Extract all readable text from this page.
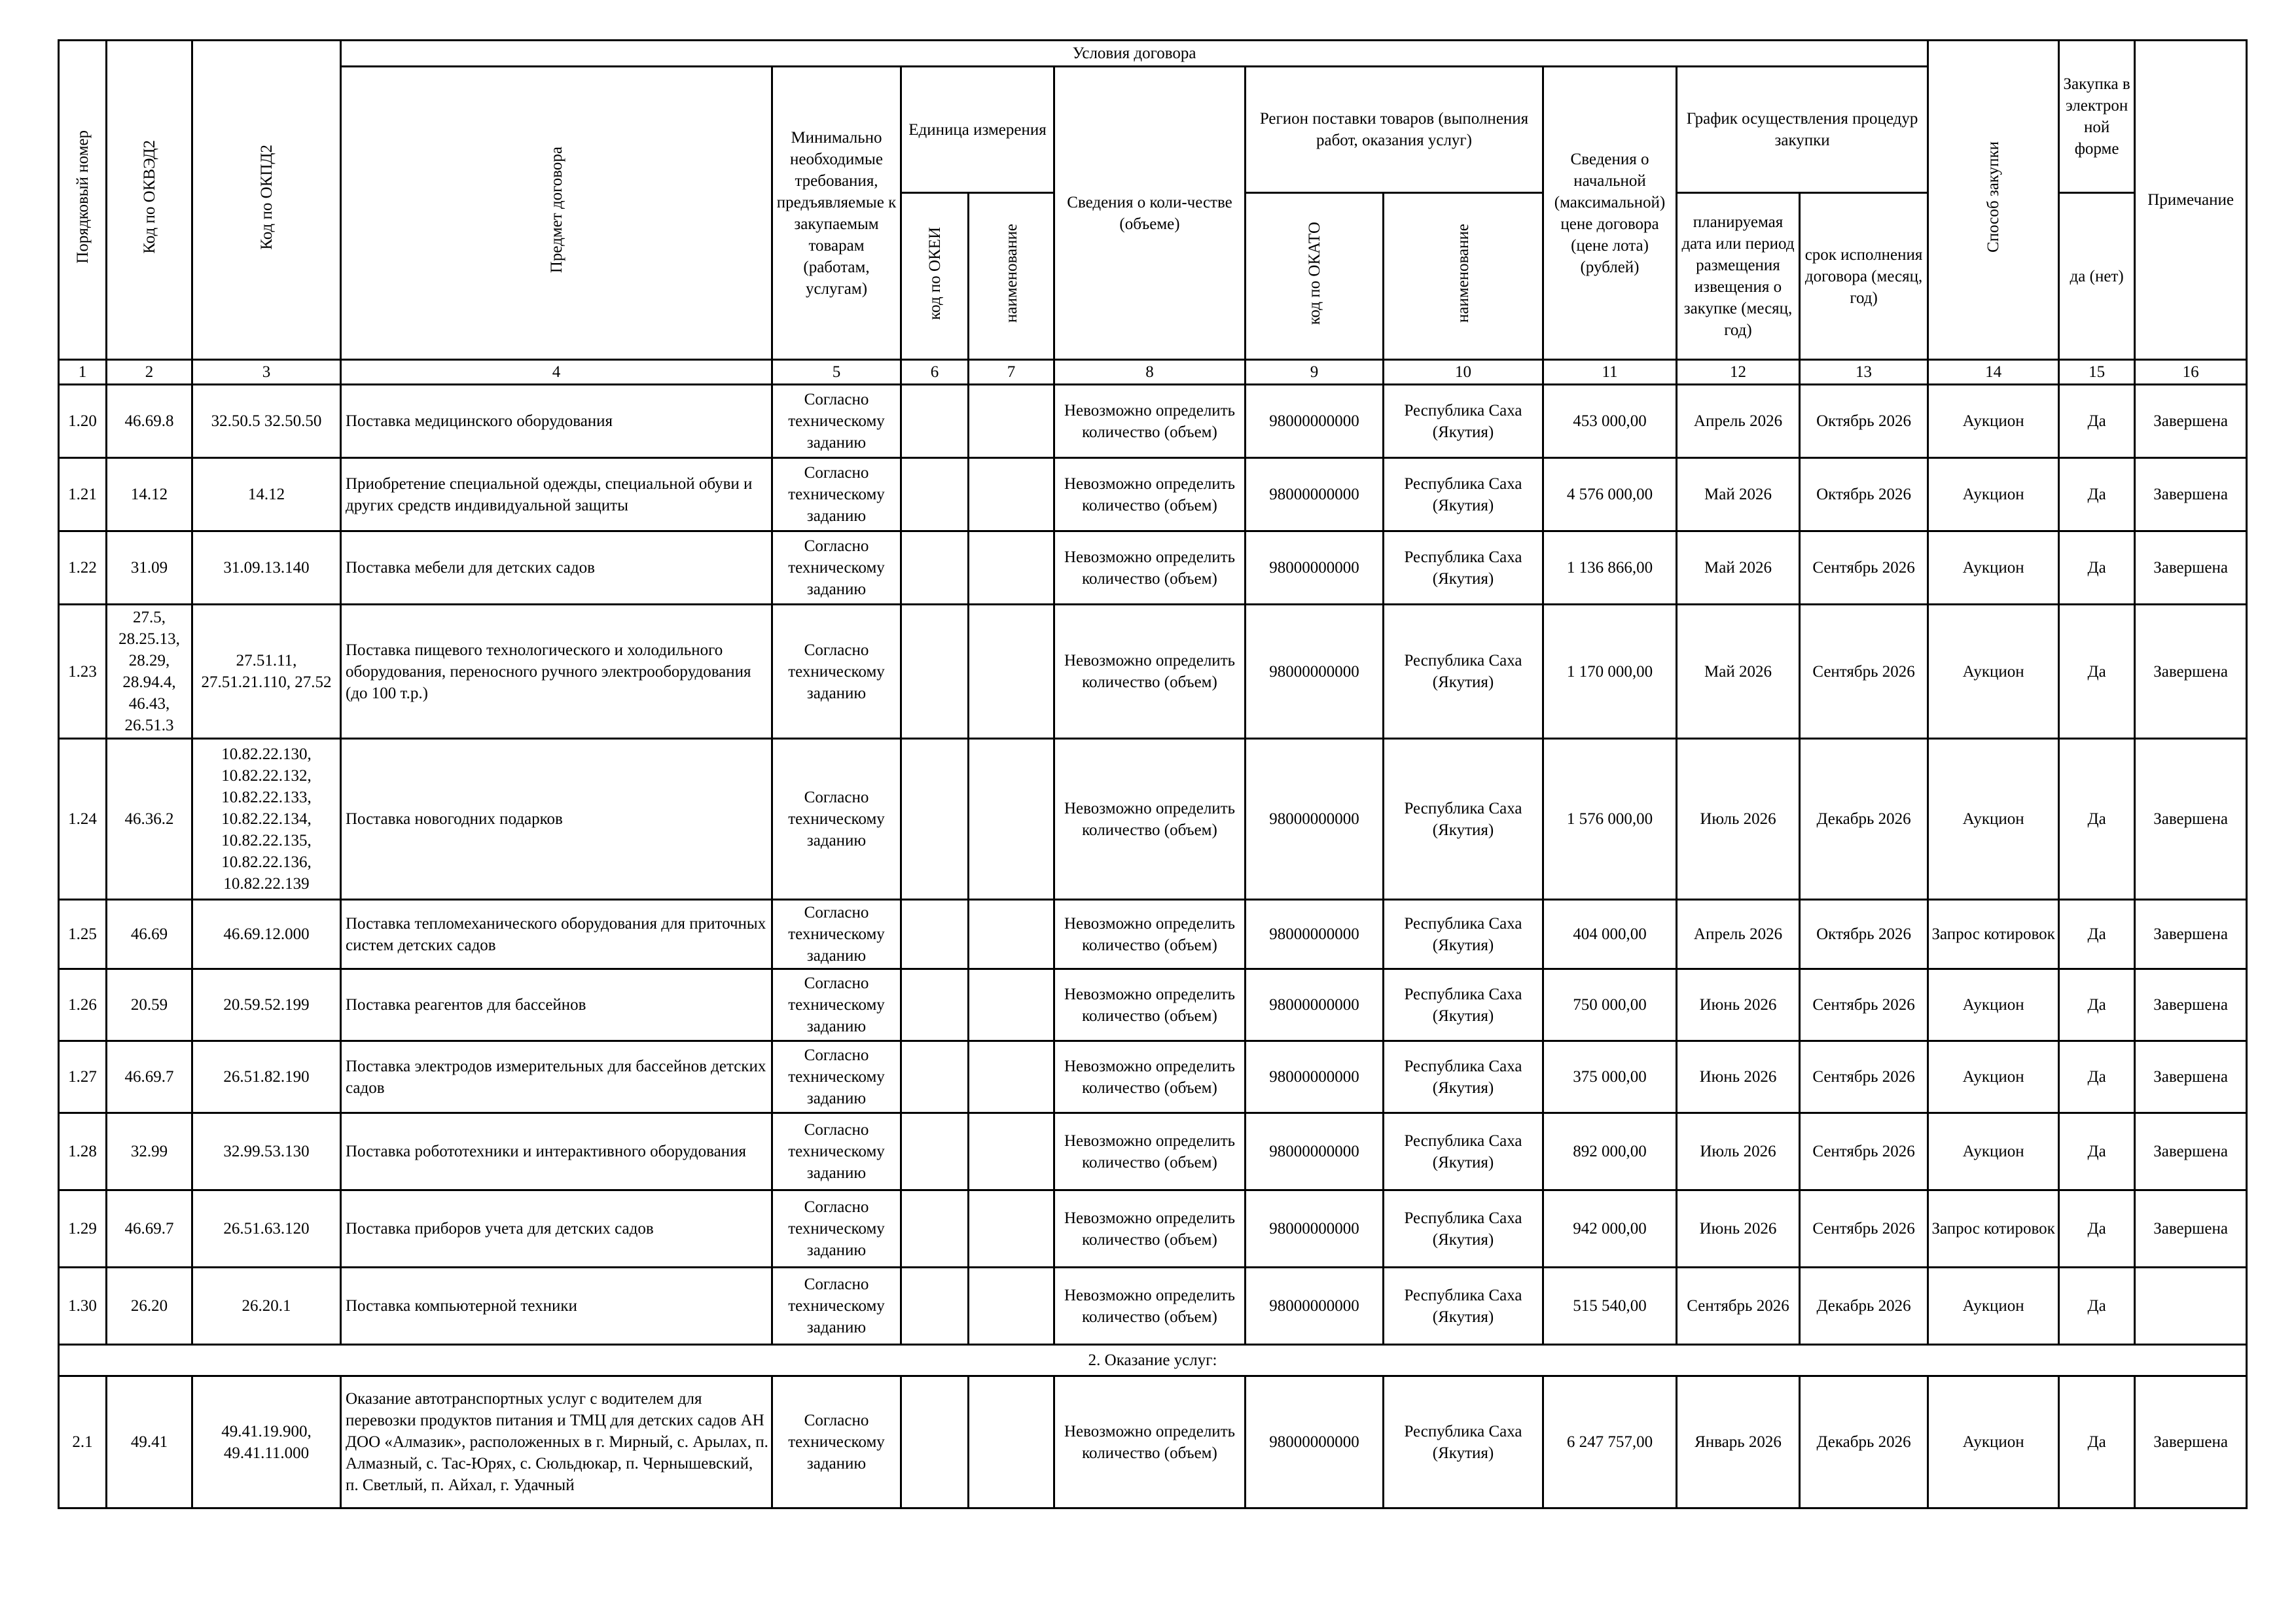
Порядковый номер	Код по ОКВЭД2	Код по ОКПД2	Условия договора										Способ закупки	Закупка в электрон ной форме	Примечание
			Предмет договора	Минимально необходимые требования, предъявляемые к закупаемым товарам (работам, услугам)	Единица измерения		Сведения о коли-честве (объеме)	Регион поставки товаров (выполнения работ, оказания услуг)		Сведения о начальной (максимальной) цене договора (цене лота) (рублей)	График осуществления процедур закупки				
					код по ОКЕИ	наименование		код по ОКАТО	наименование		планируемая дата или период размещения извещения о закупке (месяц, год)	срок исполнения договора (месяц, год)		да (нет)	
1	2	3	4	5	6	7	8	9	10	11	12	13	14	15	16
1.20	46.69.8	32.50.5 32.50.50	Поставка медицинского оборудования	Согласно техническому заданию			Невозможно определить количество (объем)	98000000000	Республика Саха (Якутия)	453 000,00	Апрель 2026	Октябрь 2026	Аукцион	Да	Завершена
1.21	14.12	14.12	Приобретение специальной одежды, специальной обуви и других средств индивидуальной защиты	Согласно техническому заданию			Невозможно определить количество (объем)	98000000000	Республика Саха (Якутия)	4 576 000,00	Май 2026	Октябрь 2026	Аукцион	Да	Завершена
1.22	31.09	31.09.13.140	Поставка мебели для детских садов	Согласно техническому заданию			Невозможно определить количество (объем)	98000000000	Республика Саха (Якутия)	1 136 866,00	Май 2026	Сентябрь 2026	Аукцион	Да	Завершена
1.23	27.5, 28.25.13, 28.29, 28.94.4, 46.43, 26.51.3	27.51.11, 27.51.21.110, 27.52	Поставка пищевого технологического и холодильного оборудования, переносного ручного электрооборудования (до 100 т.р.)	Согласно техническому заданию			Невозможно определить количество (объем)	98000000000	Республика Саха (Якутия)	1 170 000,00	Май 2026	Сентябрь 2026	Аукцион	Да	Завершена
1.24	46.36.2	10.82.22.130, 10.82.22.132, 10.82.22.133, 10.82.22.134, 10.82.22.135, 10.82.22.136, 10.82.22.139	Поставка новогодних подарков	Согласно техническому заданию			Невозможно определить количество (объем)	98000000000	Республика Саха (Якутия)	1 576 000,00	Июль 2026	Декабрь 2026	Аукцион	Да	Завершена
1.25	46.69	46.69.12.000	Поставка тепломеханического оборудования для приточных систем детских садов	Согласно техническому заданию			Невозможно определить количество (объем)	98000000000	Республика Саха (Якутия)	404 000,00	Апрель 2026	Октябрь 2026	Запрос котировок	Да	Завершена
1.26	20.59	20.59.52.199	Поставка реагентов для бассейнов	Согласно техническому заданию			Невозможно определить количество (объем)	98000000000	Республика Саха (Якутия)	750 000,00	Июнь 2026	Сентябрь 2026	Аукцион	Да	Завершена
1.27	46.69.7	26.51.82.190	Поставка электродов измерительных для бассейнов детских садов	Согласно техническому заданию			Невозможно определить количество (объем)	98000000000	Республика Саха (Якутия)	375 000,00	Июнь 2026	Сентябрь 2026	Аукцион	Да	Завершена
1.28	32.99	32.99.53.130	Поставка робототехники и интерактивного оборудования	Согласно техническому заданию			Невозможно определить количество (объем)	98000000000	Республика Саха (Якутия)	892 000,00	Июль 2026	Сентябрь 2026	Аукцион	Да	Завершена
1.29	46.69.7	26.51.63.120	Поставка приборов учета для детских садов	Согласно техническому заданию			Невозможно определить количество (объем)	98000000000	Республика Саха (Якутия)	942 000,00	Июнь 2026	Сентябрь 2026	Запрос котировок	Да	Завершена
1.30	26.20	26.20.1	Поставка компьютерной техники	Согласно техническому заданию			Невозможно определить количество (объем)	98000000000	Республика Саха (Якутия)	515 540,00	Сентябрь 2026	Декабрь 2026	Аукцион	Да	
2. Оказание услуг:															
2.1	49.41	49.41.19.900, 49.41.11.000	Оказание автотранспортных услуг с водителем для перевозки продуктов питания и ТМЦ для детских садов АН ДОО «Алмазик», расположенных в г. Мирный, с. Арылах, п. Алмазный, с. Тас-Юрях, с. Сюльдюкар, п. Чернышевский, п. Светлый, п. Айхал, г. Удачный	Согласно техническому заданию			Невозможно определить количество (объем)	98000000000	Республика Саха (Якутия)	6 247 757,00	Январь 2026	Декабрь 2026	Аукцион	Да	Завершена
